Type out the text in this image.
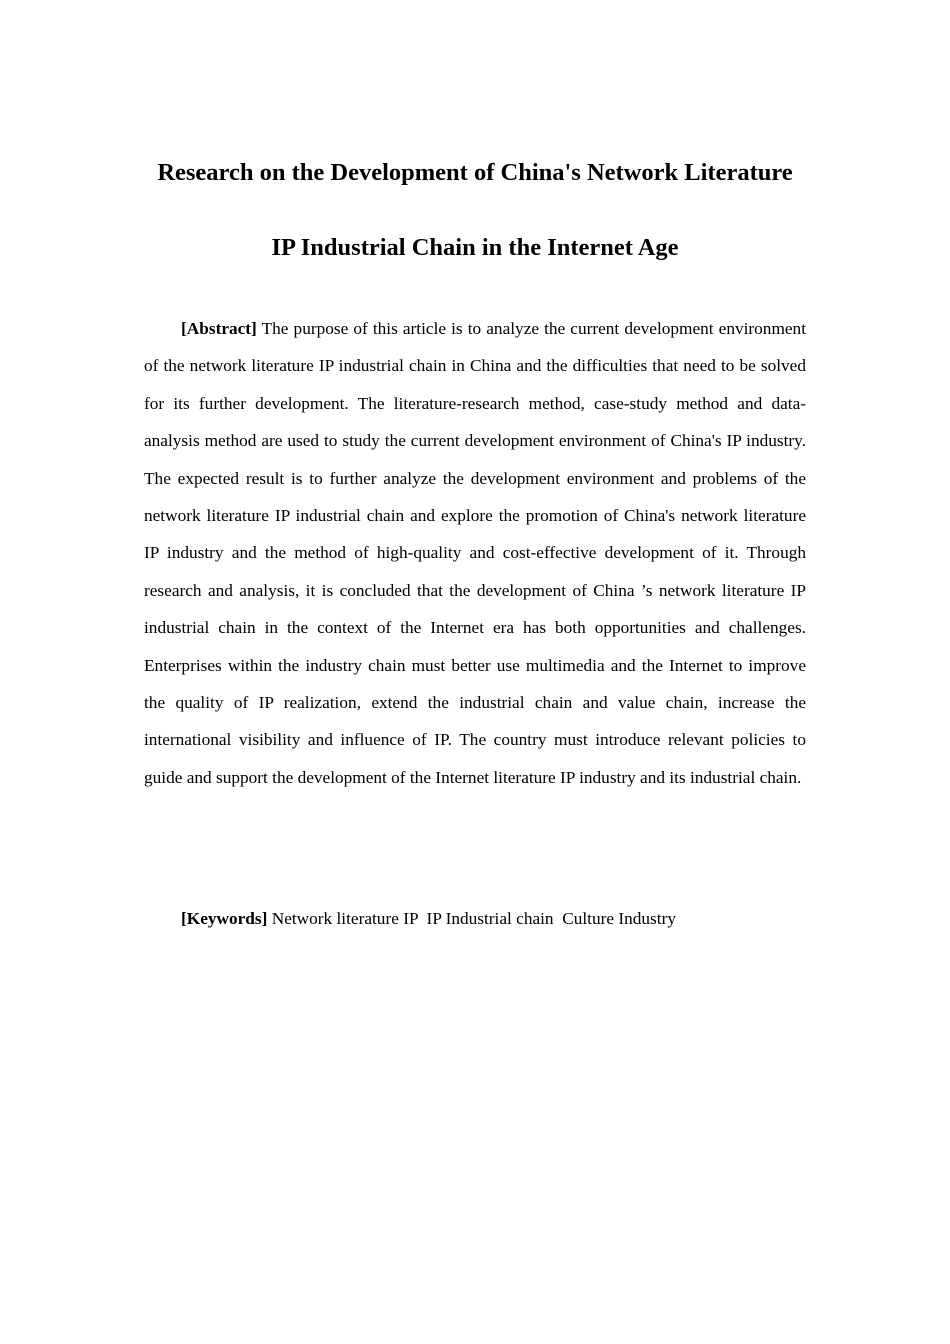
Research on the Development of China's Network Literature
IP Industrial Chain in the Internet Age

[Abstract] The purpose of this article is to analyze the current development environment of the network literature IP industrial chain in China and the difficulties that need to be solved for its further development. The literature-research method, case-study method and data-analysis method are used to study the current development environment of China's IP industry. The expected result is to further analyze the development environment and problems of the network literature IP industrial chain and explore the promotion of China's network literature IP industry and the method of high-quality and cost-effective development of it. Through research and analysis, it is concluded that the development of China ’s network literature IP industrial chain in the context of the Internet era has both opportunities and challenges. Enterprises within the industry chain must better use multimedia and the Internet to improve the quality of IP realization, extend the industrial chain and value chain, increase the international visibility and influence of IP. The country must introduce relevant policies to guide and support the development of the Internet literature IP industry and its industrial chain.

[Keywords] Network literature IP  IP Industrial chain  Culture Industry
